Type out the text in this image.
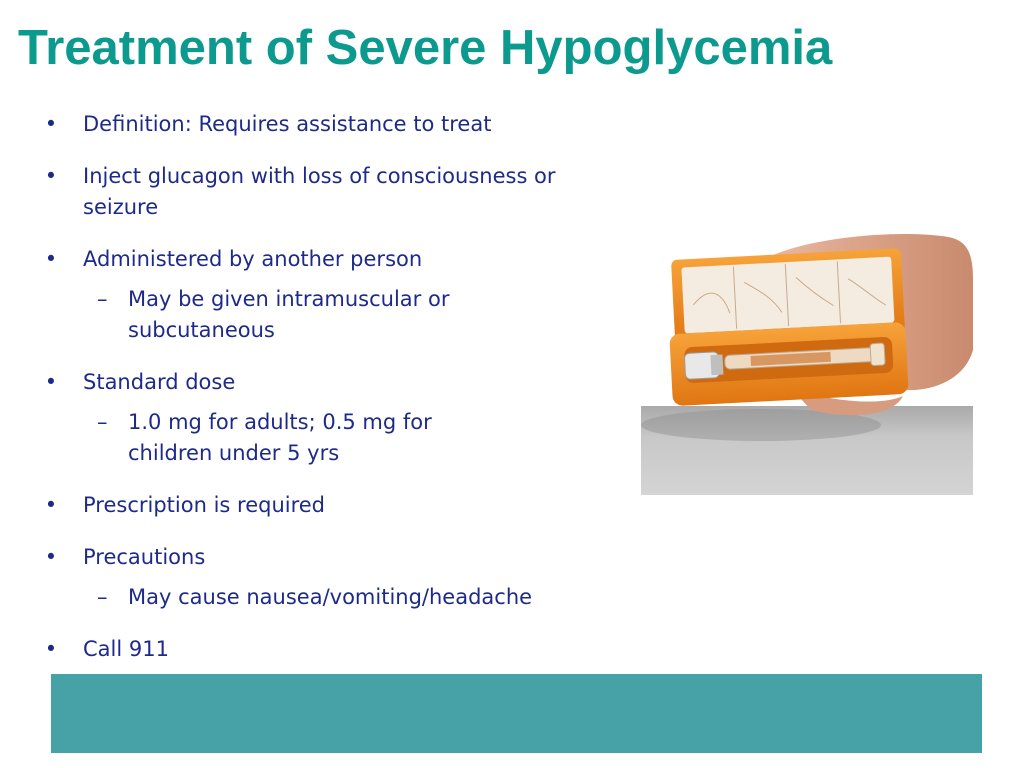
Treatment of Severe Hypoglycemia
• Definition: Requires assistance to treat
• Inject glucagon with loss of consciousness or seizure
• Administered by another person
– May be given intramuscular or subcutaneous
• Standard dose
– 1.0 mg for adults; 0.5 mg for children under 5 yrs
• Prescription is required
• Precautions
– May cause nausea/vomiting/headache
• Call 911
